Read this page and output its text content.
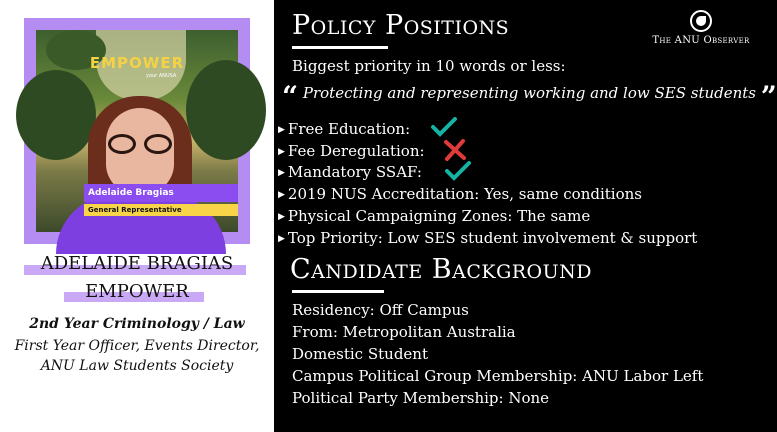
EMPOWER
your ANUSA
Adelaide Bragias
General Representative
ADELAIDE BRAGIAS
EMPOWER
2nd Year Criminology / Law
First Year Officer, Events Director,
ANU Law Students Society
Policy Positions	The ANU Observer
Biggest priority in 10 words or less:
“ Protecting and representing working and low SES students ”
▶ Free Education:
▶ Fee Deregulation:
▶ Mandatory SSAF:
▶ 2019 NUS Accreditation: Yes, same conditions
▶ Physical Campaigning Zones: The same
▶ Top Priority: Low SES student involvement & support
Candidate Background
Residency: Off Campus
From: Metropolitan Australia
Domestic Student
Campus Political Group Membership: ANU Labor Left
Political Party Membership: None
